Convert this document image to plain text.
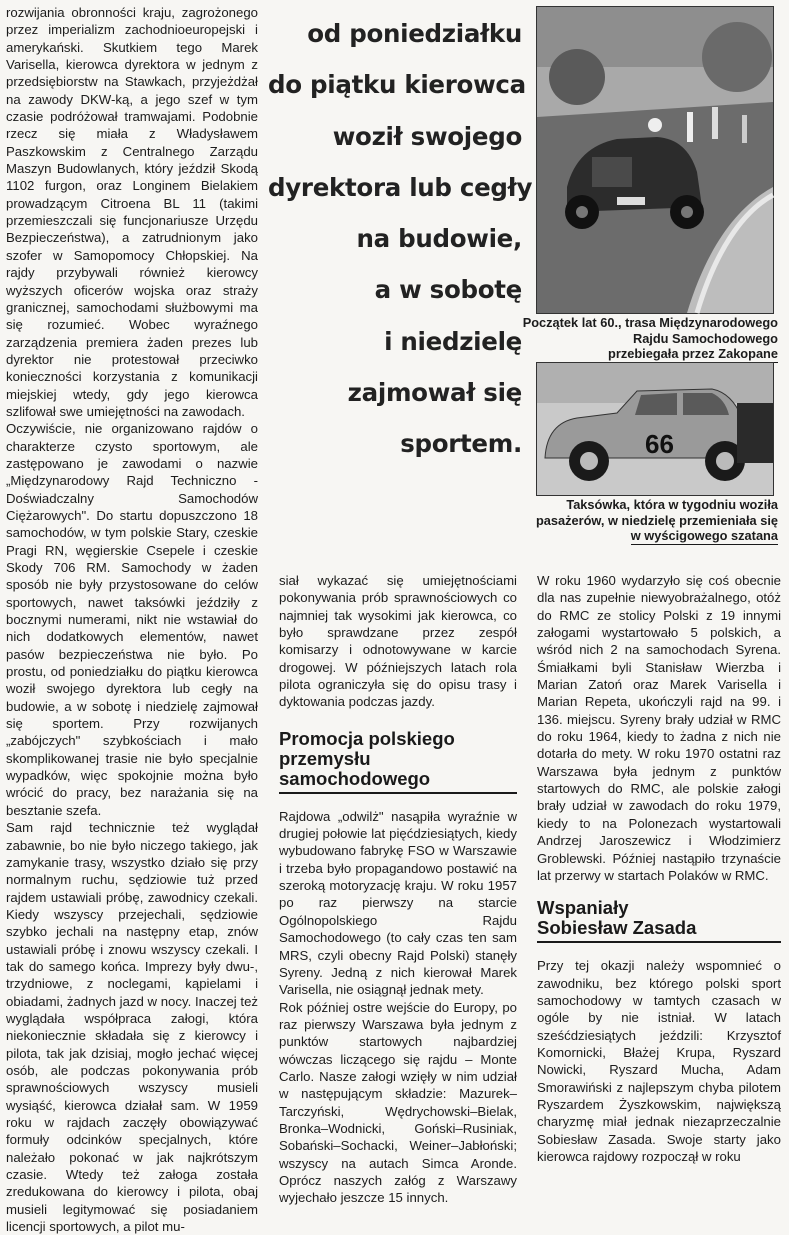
rozwijania obronności kraju, zagrożonego przez imperializm zachodnioeuropejski i amerykański. Skutkiem tego Marek Varisella, kierowca dyrektora w jednym z przedsiębiorstw na Stawkach, przyjeżdżał na zawody DKW-ką, a jego szef w tym czasie podróżował tramwajami. Podobnie rzecz się miała z Władysławem Paszkowskim z Centralnego Zarządu Maszyn Budowlanych, który jeździł Skodą 1102 furgon, oraz Longinem Bielakiem prowadzącym Citroena BL 11 (takimi przemieszczali się funcjonariusze Urzędu Bezpieczeństwa), a zatrudnionym jako szofer w Samopomocy Chłopskiej. Na rajdy przybywali również kierowcy wyższych oficerów wojska oraz straży granicznej, samochodami służbowymi ma się rozumieć. Wobec wyraźnego zarządzenia premiera żaden prezes lub dyrektor nie protestował przeciwko konieczności korzystania z komunikacji miejskiej wtedy, gdy jego kierowca szlifował swe umiejętności na zawodach.

Oczywiście, nie organizowano rajdów o charakterze czysto sportowym, ale zastępowano je zawodami o nazwie „Międzynarodowy Rajd Techniczno - Doświadczalny Samochodów Ciężarowych". Do startu dopuszczono 18 samochodów, w tym polskie Stary, czeskie Pragi RN, węgierskie Csepele i czeskie Skody 706 RM. Samochody w żaden sposób nie były przystosowane do celów sportowych, nawet taksówki jeździły z bocznymi numerami, nikt nie wstawiał do nich dodatkowych elementów, nawet pasów bezpieczeństwa nie było. Po prostu, od poniedziałku do piątku kierowca woził swojego dyrektora lub cegły na budowie, a w sobotę i niedzielę zajmował się sportem. Przy rozwijanych „zabójczych" szybkościach i mało skomplikowanej trasie nie było specjalnie wypadków, więc spokojnie można było wrócić do pracy, bez narażania się na besztanie szefa.

Sam rajd technicznie też wyglądał zabawnie, bo nie było niczego takiego, jak zamykanie trasy, wszystko działo się przy normalnym ruchu, sędziowie tuż przed rajdem ustawiali próbę, zawodnicy czekali. Kiedy wszyscy przejechali, sędziowie szybko jechali na następny etap, znów ustawiali próbę i znowu wszyscy czekali. I tak do samego końca. Imprezy były dwu-, trzydniowe, z noclegami, kąpielami i obiadami, żadnych jazd w nocy. Inaczej też wyglądała współpraca załogi, która niekoniecznie składała się z kierowcy i pilota, tak jak dzisiaj, mogło jechać więcej osób, ale podczas pokonywania prób sprawnościowych wszyscy musieli wysiąść, kierowca działał sam. W 1959 roku w rajdach zaczęły obowiązywać formuły odcinków specjalnych, które należało pokonać w jak najkrótszym czasie. Wtedy też załoga została zredukowana do kierowcy i pilota, obaj musieli legitymować się posiadaniem licencji sportowych, a pilot mu-

od poniedziałku
do piątku kierowca
woził swojego
dyrektora lub cegły
na budowie,
a w sobotę
i niedzielę
zajmował się
sportem.
Początek lat 60., trasa Międzynarodowego
Rajdu Samochodowego
przebiegała przez Zakopane
66
Taksówka, która w tygodniu woziła
pasażerów, w niedzielę przemieniała się
w wyścigowego szatana

siał wykazać się umiejętnościami pokonywania prób sprawnościowych co najmniej tak wysokimi jak kierowca, co było sprawdzane przez zespół komisarzy i odnotowywane w karcie drogowej. W późniejszych latach rola pilota ograniczyła się do opisu trasy i dyktowania podczas jazdy.

Promocja polskiego
przemysłu samochodowego

Rajdowa „odwilż" nasąpiła wyraźnie w drugiej połowie lat pięćdziesiątych, kiedy wybudowano fabrykę FSO w Warszawie i trzeba było propagandowo postawić na szeroką motoryzację kraju. W roku 1957 po raz pierwszy na starcie Ogólnopolskiego Rajdu Samochodowego (to cały czas ten sam MRS, czyli obecny Rajd Polski) stanęły Syreny. Jedną z nich kierował Marek Varisella, nie osiągnął jednak mety.

Rok później ostre wejście do Europy, po raz pierwszy Warszawa była jednym z punktów startowych najbardziej wówczas liczącego się rajdu – Monte Carlo. Nasze załogi wzięły w nim udział w następującym składzie: Mazurek–Tarczyński, Wędrychowski–Bielak, Bronka–Wodnicki, Goński–Rusiniak, Sobański–Sochacki, Weiner–Jabłoński; wszyscy na autach Simca Aronde. Oprócz naszych załóg z Warszawy wyjechało jeszcze 15 innych.

W roku 1960 wydarzyło się coś obecnie dla nas zupełnie niewyobrażalnego, otóż do RMC ze stolicy Polski z 19 innymi załogami wystartowało 5 polskich, a wśród nich 2 na samochodach Syrena. Śmiałkami byli Stanisław Wierzba i Marian Zatoń oraz Marek Varisella i Marian Repeta, ukończyli rajd na 99. i 136. miejscu. Syreny brały udział w RMC do roku 1964, kiedy to żadna z nich nie dotarła do mety. W roku 1970 ostatni raz Warszawa była jednym z punktów startowych do RMC, ale polskie załogi brały udział w zawodach do roku 1979, kiedy to na Polonezach wystartowali Andrzej Jaroszewicz i Włodzimierz Groblewski. Później nastąpiło trzynaście lat przerwy w startach Polaków w RMC.

Wspaniały
Sobiesław Zasada

Przy tej okazji należy wspomnieć o zawodniku, bez którego polski sport samochodowy w tamtych czasach w ogóle by nie istniał. W latach sześćdziesiątych jeździli: Krzysztof Komornicki, Błażej Krupa, Ryszard Nowicki, Ryszard Mucha, Adam Smorawiński z najlepszym chyba pilotem Ryszardem Żyszkowskim, największą charyzmę miał jednak niezaprzeczalnie Sobiesław Zasada. Swoje starty jako kierowca rajdowy rozpoczął w roku
